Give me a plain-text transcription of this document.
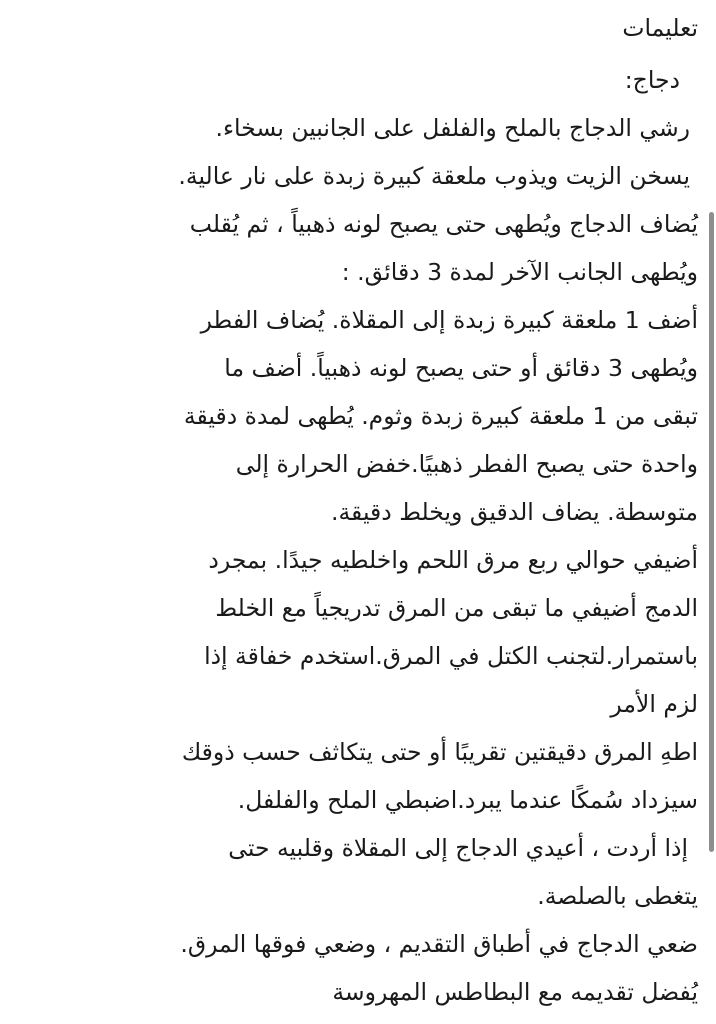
تعليمات
دجاج:
رشي الدجاج بالملح والفلفل على الجانبين بسخاء.
يسخن الزيت ويذوب ملعقة كبيرة زبدة على نار عالية.
يُضاف الدجاج ويُطهى حتى يصبح لونه ذهبياً ، ثم يُقلب
ويُطهى الجانب الآخر لمدة 3 دقائق. :
أضف 1 ملعقة كبيرة زبدة إلى المقلاة. يُضاف الفطر
ويُطهى 3 دقائق أو حتى يصبح لونه ذهبياً. أضف ما
تبقى من 1 ملعقة كبيرة زبدة وثوم. يُطهى لمدة دقيقة
واحدة حتى يصبح الفطر ذهبيًا.خفض الحرارة إلى
متوسطة. يضاف الدقيق ويخلط دقيقة.
أضيفي حوالي ربع مرق اللحم واخلطيه جيدًا. بمجرد
الدمج أضيفي ما تبقى من المرق تدريجياً مع الخلط
باستمرار.لتجنب الكتل في المرق.استخدم خفاقة إذا
لزم الأمر
اطهِ المرق دقيقتين تقريبًا أو حتى يتكاثف حسب ذوقك
سيزداد سُمكًا عندما يبرد.اضبطي الملح والفلفل.
إذا أردت ، أعيدي الدجاج إلى المقلاة وقلبيه حتى
يتغطى بالصلصة.
ضعي الدجاج في أطباق التقديم ، وضعي فوقها المرق.
يُفضل تقديمه مع البطاطس المهروسة
